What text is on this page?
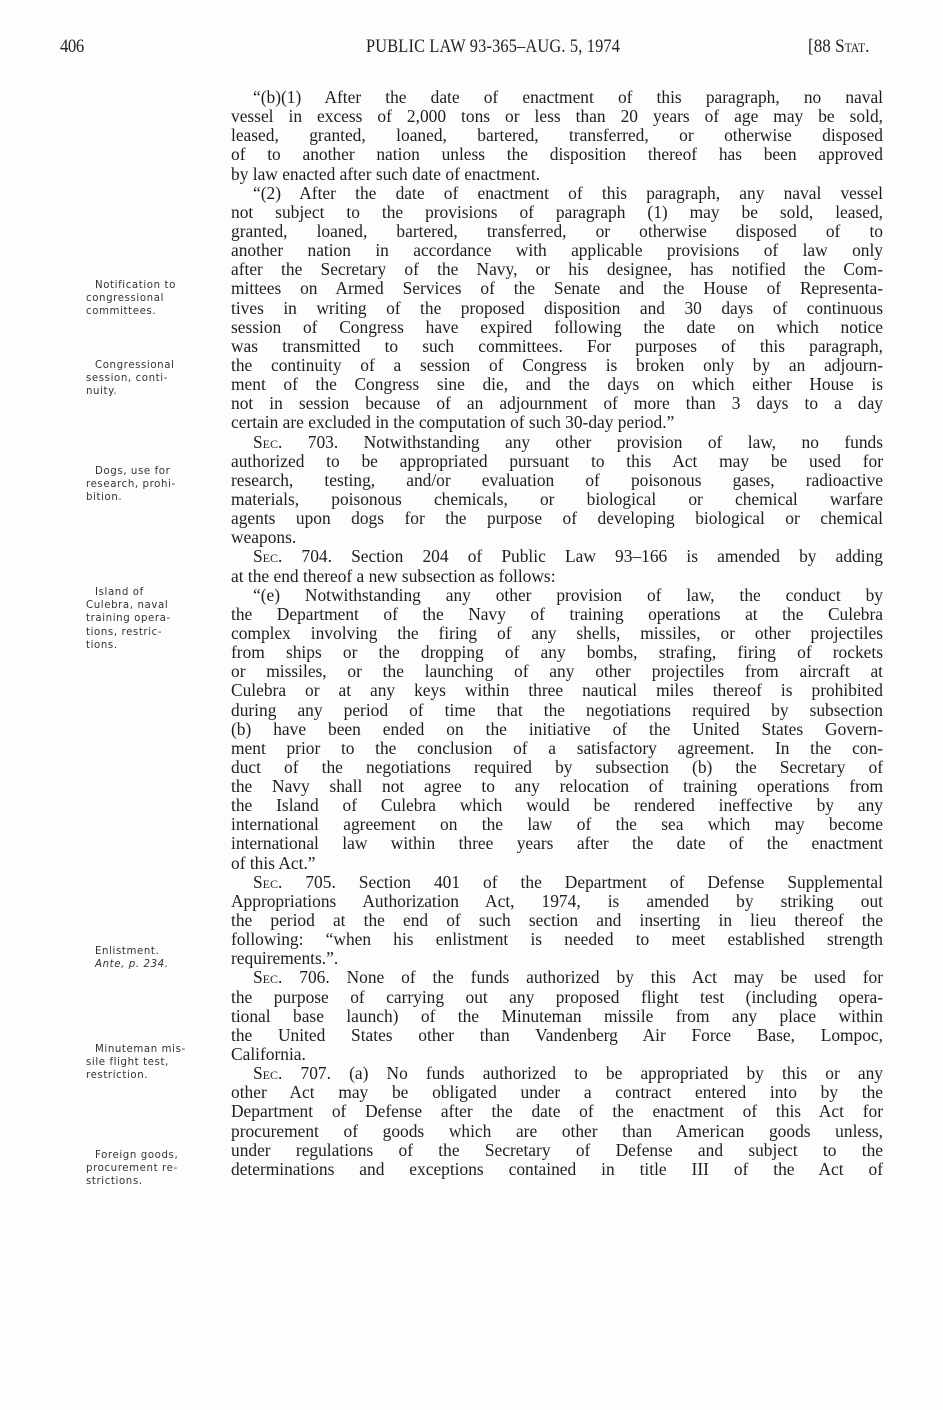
406	PUBLIC LAW 93-365–AUG. 5, 1974	[88 Stat.
“(b)(1) After the date of enactment of this paragraph, no naval
vessel in excess of 2,000 tons or less than 20 years of age may be sold,
leased, granted, loaned, bartered, transferred, or otherwise disposed
of to another nation unless the disposition thereof has been approved
by law enacted after such date of enactment.
“(2) After the date of enactment of this paragraph, any naval vessel
not subject to the provisions of paragraph (1) may be sold, leased,
granted, loaned, bartered, transferred, or otherwise disposed of to
another nation in accordance with applicable provisions of law only
after the Secretary of the Navy, or his designee, has notified the Com-
mittees on Armed Services of the Senate and the House of Representa-
tives in writing of the proposed disposition and 30 days of continuous
session of Congress have expired following the date on which notice
was transmitted to such committees. For purposes of this paragraph,
the continuity of a session of Congress is broken only by an adjourn-
ment of the Congress sine die, and the days on which either House is
not in session because of an adjournment of more than 3 days to a day
certain are excluded in the computation of such 30-day period.”
Sec. 703. Notwithstanding any other provision of law, no funds
authorized to be appropriated pursuant to this Act may be used for
research, testing, and/or evaluation of poisonous gases, radioactive
materials, poisonous chemicals, or biological or chemical warfare
agents upon dogs for the purpose of developing biological or chemical
weapons.
Sec. 704. Section 204 of Public Law 93–166 is amended by adding
at the end thereof a new subsection as follows:
“(e) Notwithstanding any other provision of law, the conduct by
the Department of the Navy of training operations at the Culebra
complex involving the firing of any shells, missiles, or other projectiles
from ships or the dropping of any bombs, strafing, firing of rockets
or missiles, or the launching of any other projectiles from aircraft at
Culebra or at any keys within three nautical miles thereof is prohibited
during any period of time that the negotiations required by subsection
(b) have been ended on the initiative of the United States Govern-
ment prior to the conclusion of a satisfactory agreement. In the con-
duct of the negotiations required by subsection (b) the Secretary of
the Navy shall not agree to any relocation of training operations from
the Island of Culebra which would be rendered ineffective by any
international agreement on the law of the sea which may become
international law within three years after the date of the enactment
of this Act.”
Sec. 705. Section 401 of the Department of Defense Supplemental
Appropriations Authorization Act, 1974, is amended by striking out
the period at the end of such section and inserting in lieu thereof the
following: “when his enlistment is needed to meet established strength
requirements.”.
Sec. 706. None of the funds authorized by this Act may be used for
the purpose of carrying out any proposed flight test (including opera-
tional base launch) of the Minuteman missile from any place within
the United States other than Vandenberg Air Force Base, Lompoc,
California.
Sec. 707. (a) No funds authorized to be appropriated by this or any
other Act may be obligated under a contract entered into by the
Department of Defense after the date of the enactment of this Act for
procurement of goods which are other than American goods unless,
under regulations of the Secretary of Defense and subject to the
determinations and exceptions contained in title III of the Act of
Notification to
congressional
committees.
Congressional
session, conti-
nuity.
Dogs, use for
research, prohi-
bition.
Island of
Culebra, naval
training opera-
tions, restric-
tions.
Enlistment.
Ante, p. 234.
Minuteman mis-
sile flight test,
restriction.
Foreign goods,
procurement re-
strictions.
